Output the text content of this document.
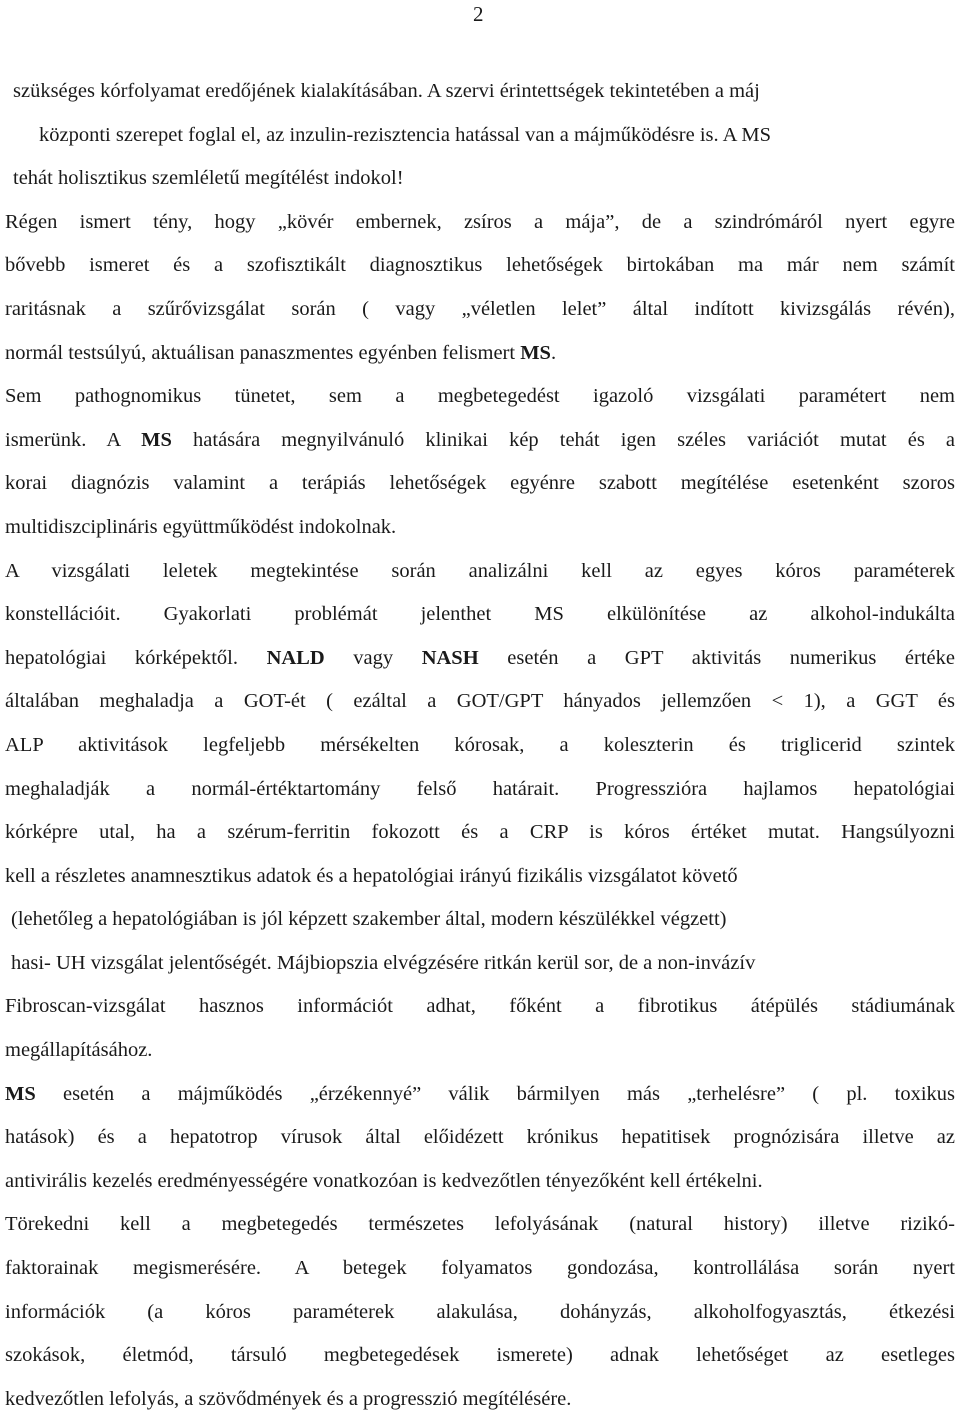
2
szükséges kórfolyamat eredőjének kialakításában. A szervi érintettségek tekintetében a máj
központi szerepet foglal el, az inzulin-rezisztencia hatással van a májműködésre is. A MS
tehát holisztikus szemléletű megítélést indokol!
Régen ismert tény, hogy „kövér embernek, zsíros a mája”, de a szindrómáról nyert egyre
bővebb ismeret és a szofisztikált diagnosztikus lehetőségek birtokában ma már nem számít
raritásnak a szűrővizsgálat során ( vagy „véletlen lelet” által indított kivizsgálás révén),
normál testsúlyú, aktuálisan panaszmentes egyénben felismert MS.
Sem pathognomikus tünetet, sem a megbetegedést igazoló vizsgálati paramétert nem
ismerünk. A MS hatására megnyilvánuló klinikai kép tehát igen széles variációt mutat és a
korai diagnózis valamint a terápiás lehetőségek egyénre szabott megítélése esetenként szoros
multidiszciplináris együttműködést indokolnak.
A vizsgálati leletek megtekintése során analizálni kell az egyes kóros paraméterek
konstellációit. Gyakorlati problémát jelenthet MS elkülönítése az alkohol-indukálta
hepatológiai kórképektől. NALD vagy NASH esetén a GPT aktivitás numerikus értéke
általában meghaladja a GOT-ét ( ezáltal a GOT/GPT hányados jellemzően < 1), a GGT és
ALP aktivitások legfeljebb mérsékelten kórosak, a koleszterin és triglicerid szintek
meghaladják a normál-értéktartomány felső határait. Progresszióra hajlamos hepatológiai
kórképre utal, ha a szérum-ferritin fokozott és a CRP is kóros értéket mutat. Hangsúlyozni
kell a részletes anamnesztikus adatok és a hepatológiai irányú fizikális vizsgálatot követő
(lehetőleg a hepatológiában is jól képzett szakember által, modern készülékkel végzett)
hasi- UH vizsgálat jelentőségét. Májbiopszia elvégzésére ritkán kerül sor, de a non-invázív
Fibroscan-vizsgálat hasznos információt adhat, főként a fibrotikus átépülés stádiumának
megállapításához.
MS esetén a májműködés „érzékennyé” válik bármilyen más „terhelésre” ( pl. toxikus
hatások) és a hepatotrop vírusok által előidézett krónikus hepatitisek prognózisára illetve az
antivirális kezelés eredményességére vonatkozóan is kedvezőtlen tényezőként kell értékelni.
Törekedni kell a megbetegedés természetes lefolyásának (natural history) illetve rizikó-
faktorainak megismerésére. A betegek folyamatos gondozása, kontrollálása során nyert
információk (a kóros paraméterek alakulása, dohányzás, alkoholfogyasztás, étkezési
szokások, életmód, társuló megbetegedések ismerete) adnak lehetőséget az esetleges
kedvezőtlen lefolyás, a szövődmények és a progresszió megítélésére.
